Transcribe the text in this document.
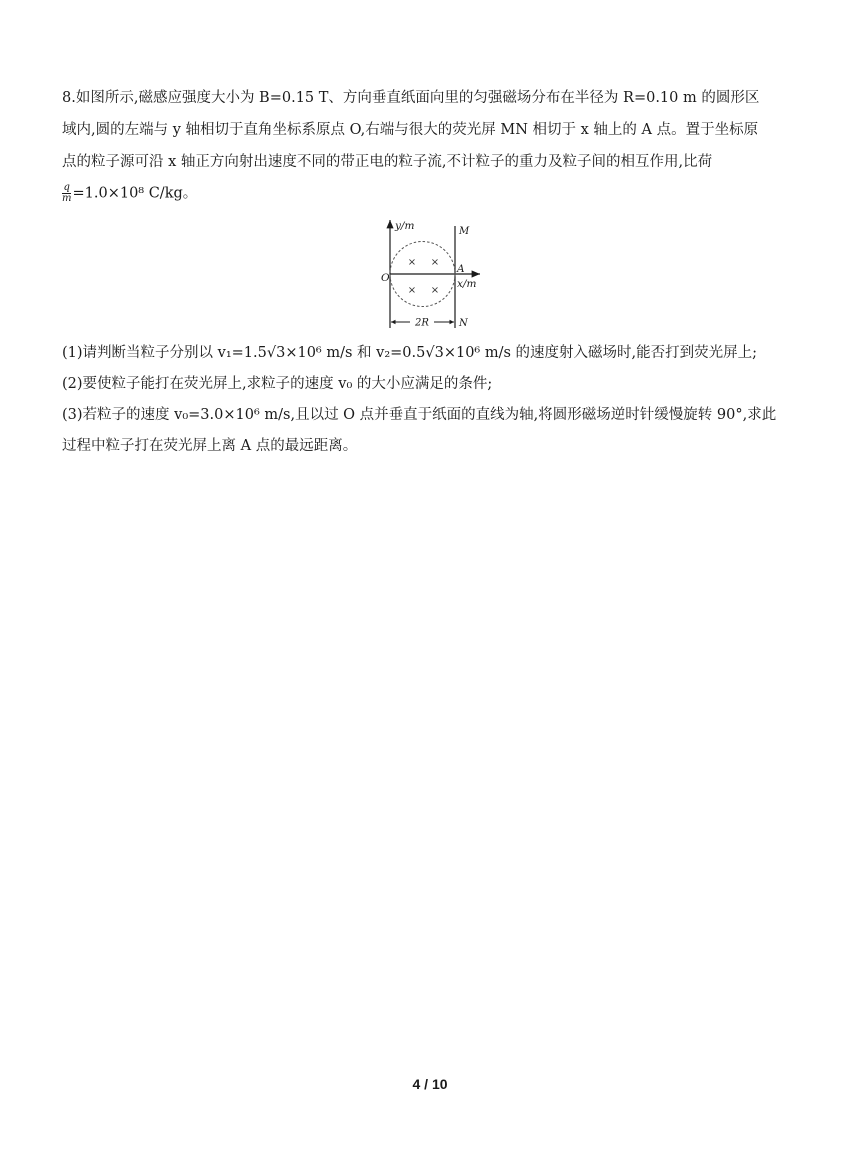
8.如图所示,磁感应强度大小为 B=0.15 T、方向垂直纸面向里的匀强磁场分布在半径为 R=0.10 m 的圆形区
域内,圆的左端与 y 轴相切于直角坐标系原点 O,右端与很大的荧光屏 MN 相切于 x 轴上的 A 点。置于坐标原
点的粒子源可沿 x 轴正方向射出速度不同的带正电的粒子流,不计粒子的重力及粒子间的相互作用,比荷
$\frac{q}{m} =1.0\times 10^8$ C/kg。
× ×
× ×
y/m
x/m
O
A
M
N
2R
(1)请判断当粒子分别以 v₁=1.5√3×10⁶ m/s 和 v₂=0.5√3×10⁶ m/s 的速度射入磁场时,能否打到荧光屏上;
(2)要使粒子能打在荧光屏上,求粒子的速度 v₀ 的大小应满足的条件;
(3)若粒子的速度 v₀=3.0×10⁶ m/s,且以过 O 点并垂直于纸面的直线为轴,将圆形磁场逆时针缓慢旋转 90°,求此
过程中粒子打在荧光屏上离 A 点的最远距离。
4 / 10
